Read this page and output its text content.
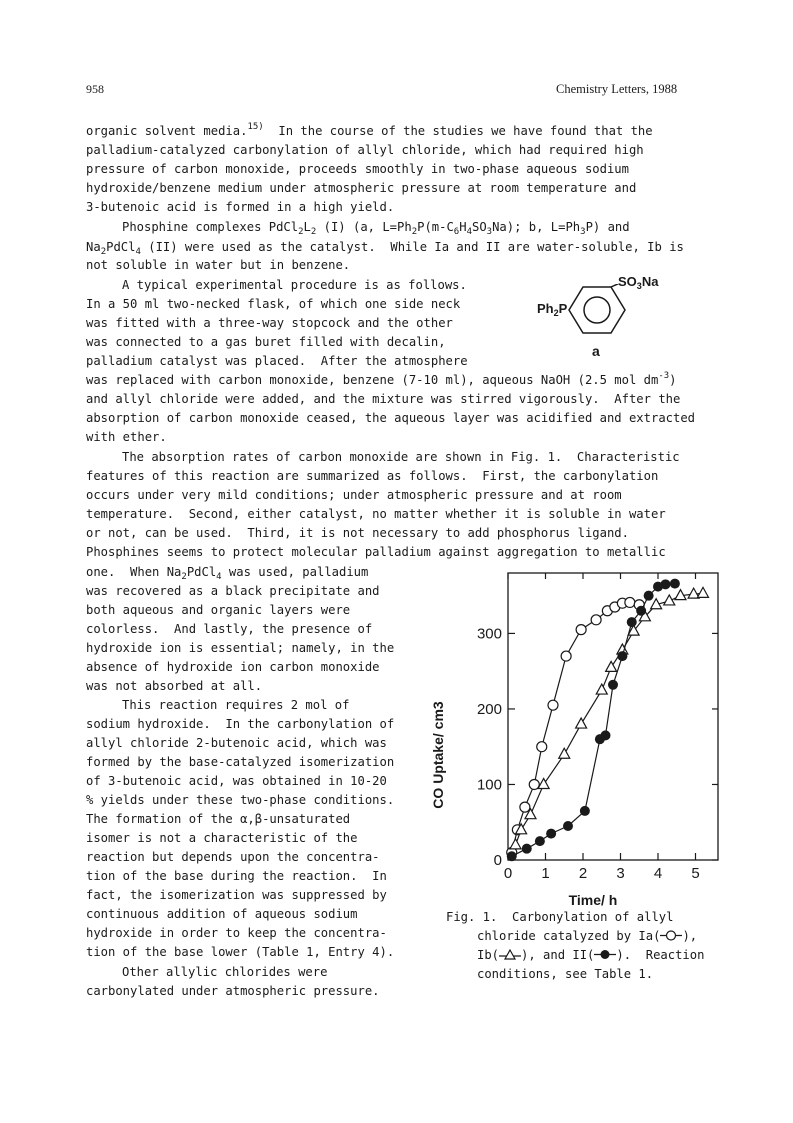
958	Chemistry Letters, 1988
organic solvent media.$^{15)}$  In the course of the studies we have found that the
palladium-catalyzed carbonylation of allyl chloride, which had required high
pressure of carbon monoxide, proceeds smoothly in two-phase aqueous sodium
hydroxide/benzene medium under atmospheric pressure at room temperature and
3-butenoic acid is formed in a high yield.
Phosphine complexes $PdCl_2L_2$ (I) (a, $L=Ph_2P(m-C_6H_4SO_3Na)$; b, $L=Ph_3P$) and
$Na_2PdCl_4$ (II) were used as the catalyst.  While Ia and II are water-soluble, Ib is
not soluble in water but in benzene.
A typical experimental procedure is as follows.
In a 50 ml two-necked flask, of which one side neck
was fitted with a three-way stopcock and the other
was connected to a gas buret filled with decalin,
palladium catalyst was placed.  After the atmosphere
was replaced with carbon monoxide, benzene (7-10 ml), aqueous NaOH (2.5 mol $dm^{-3}$)
and allyl chloride were added, and the mixture was stirred vigorously.  After the
absorption of carbon monoxide ceased, the aqueous layer was acidified and extracted
with ether.
The absorption rates of carbon monoxide are shown in Fig. 1.  Characteristic
features of this reaction are summarized as follows.  First, the carbonylation
occurs under very mild conditions; under atmospheric pressure and at room
temperature.  Second, either catalyst, no matter whether it is soluble in water
or not, can be used.  Third, it is not necessary to add phosphorus ligand.
Phosphines seems to protect molecular palladium against aggregation to metallic
one.  When $Na_2PdCl_4$ was used, palladium
was recovered as a black precipitate and
both aqueous and organic layers were
colorless.  And lastly, the presence of
hydroxide ion is essential; namely, in the
absence of hydroxide ion carbon monoxide
was not absorbed at all.
This reaction requires 2 mol of
sodium hydroxide.  In the carbonylation of
allyl chloride 2-butenoic acid, which was
formed by the base-catalyzed isomerization
of 3-butenoic acid, was obtained in 10-20
% yields under these two-phase conditions.
The formation of the α,β-unsaturated
isomer is not a characteristic of the
reaction but depends upon the concentra-
tion of the base during the reaction.  In
fact, the isomerization was suppressed by
continuous addition of aqueous sodium
hydroxide in order to keep the concentra-
tion of the base lower (Table 1, Entry 4).
Other allylic chlorides were
carbonylated under atmospheric pressure.
$Ph_2P$
$SO_3Na$
a
0
100
200
300
0 1 2 3 4 5
CO Uptake/ cm3
Time/ h
Fig. 1.  Carbonylation of allyl
chloride catalyzed by Ia( ),
Ib( ), and II( ).  Reaction
conditions, see Table 1.
